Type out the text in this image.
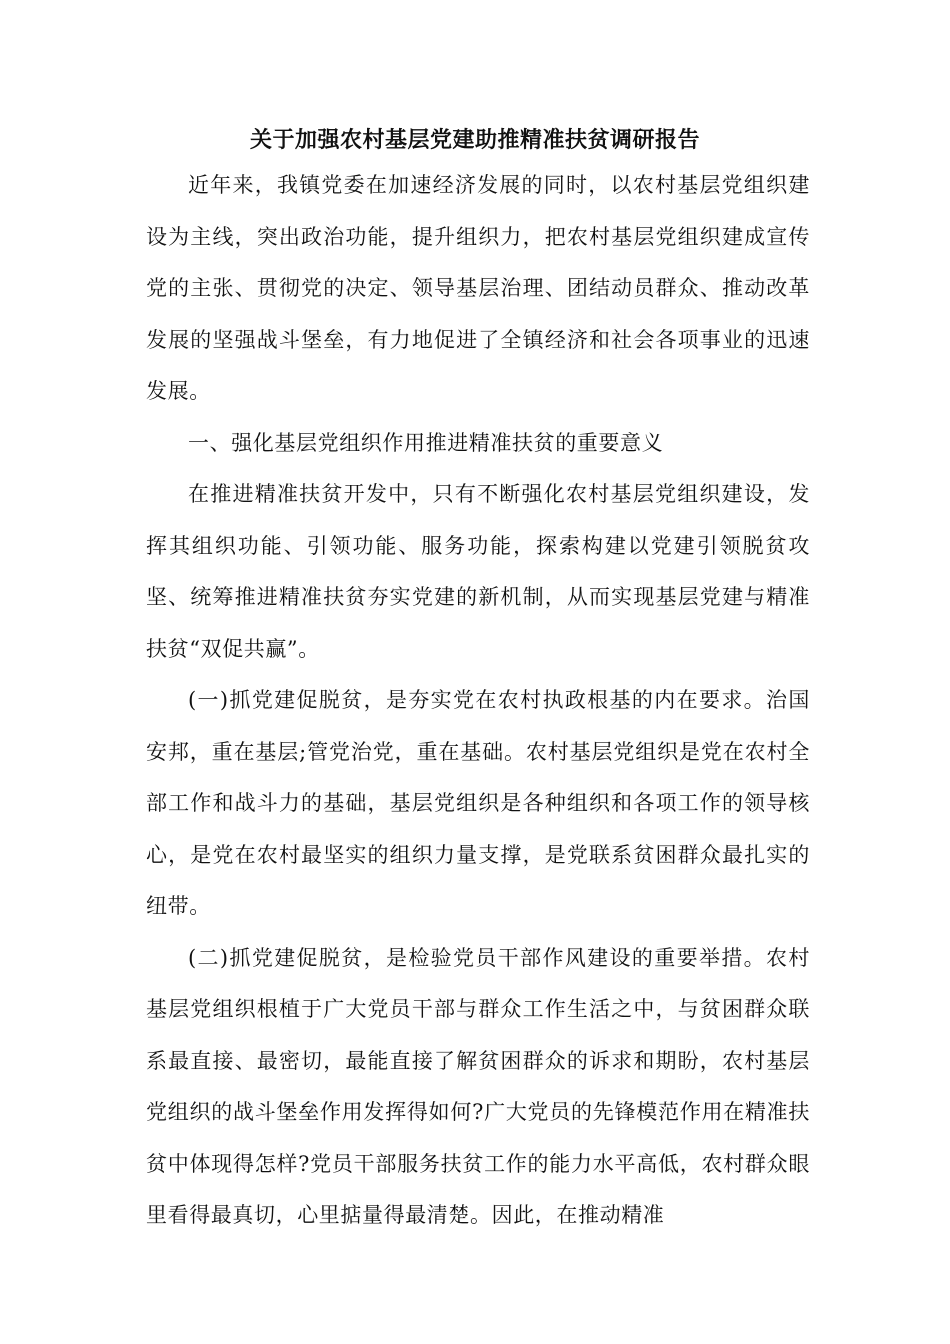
关于加强农村基层党建助推精准扶贫调研报告

近年来，我镇党委在加速经济发展的同时，以农村基层党组织建设为主线，突出政治功能，提升组织力，把农村基层党组织建成宣传党的主张、贯彻党的决定、领导基层治理、团结动员群众、推动改革发展的坚强战斗堡垒，有力地促进了全镇经济和社会各项事业的迅速发展。

一、强化基层党组织作用推进精准扶贫的重要意义

在推进精准扶贫开发中，只有不断强化农村基层党组织建设，发挥其组织功能、引领功能、服务功能，探索构建以党建引领脱贫攻坚、统筹推进精准扶贫夯实党建的新机制，从而实现基层党建与精准扶贫“双促共赢”。

(一)抓党建促脱贫，是夯实党在农村执政根基的内在要求。治国安邦，重在基层;管党治党，重在基础。农村基层党组织是党在农村全部工作和战斗力的基础，基层党组织是各种组织和各项工作的领导核心，是党在农村最坚实的组织力量支撑，是党联系贫困群众最扎实的纽带。

(二)抓党建促脱贫，是检验党员干部作风建设的重要举措。农村基层党组织根植于广大党员干部与群众工作生活之中，与贫困群众联系最直接、最密切，最能直接了解贫困群众的诉求和期盼，农村基层党组织的战斗堡垒作用发挥得如何?广大党员的先锋模范作用在精准扶贫中体现得怎样?党员干部服务扶贫工作的能力水平高低，农村群众眼里看得最真切，心里掂量得最清楚。因此，在推动精准
